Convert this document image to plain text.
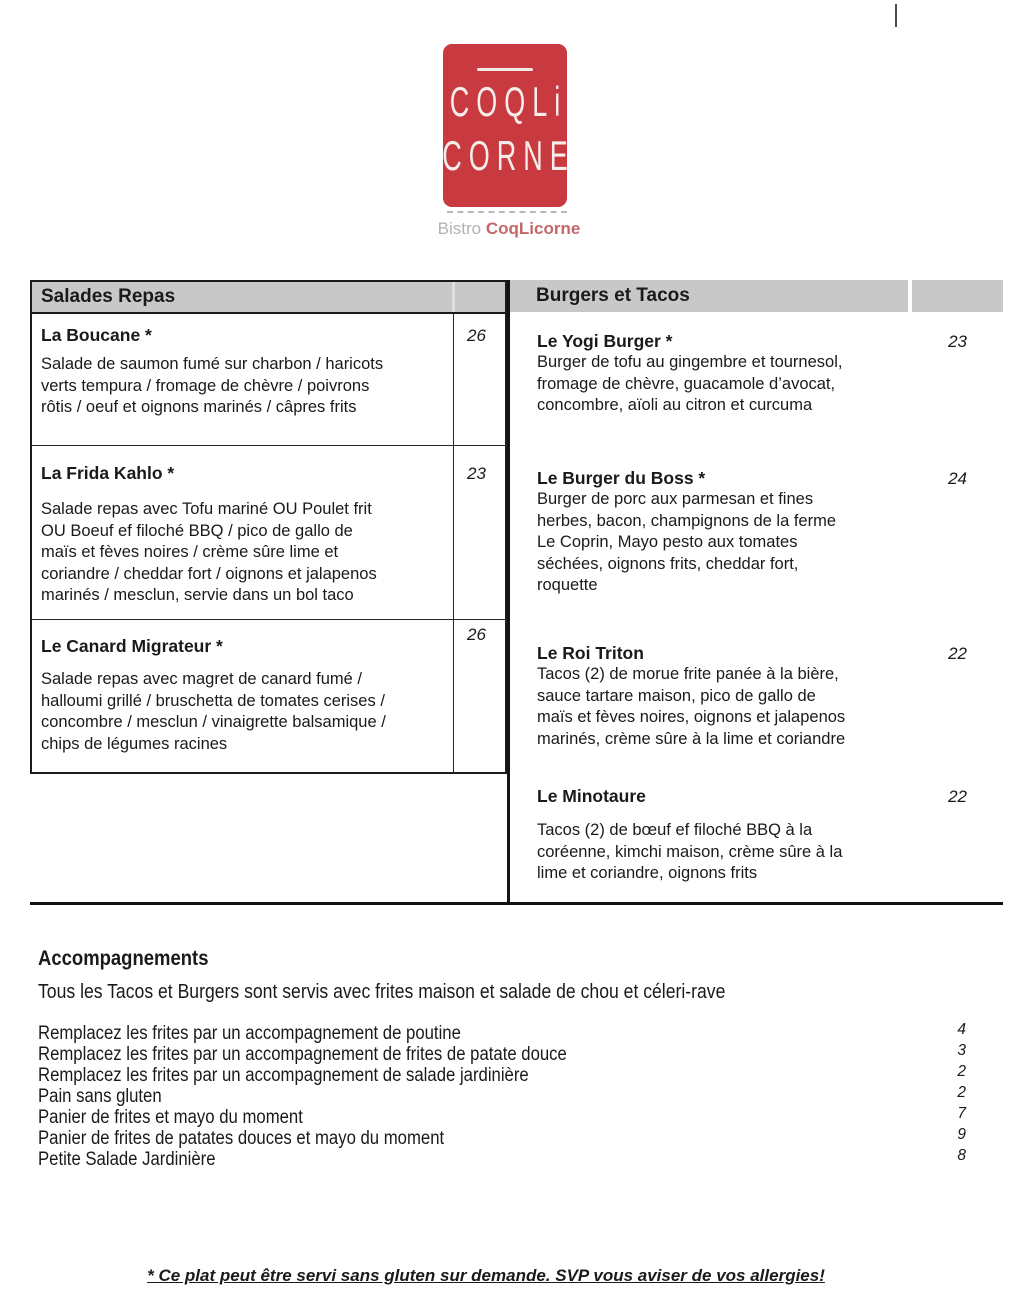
COQLi
CORNE
Bistro CoqLicorne
Salades Repas
La Boucane *
Salade de saumon fumé sur charbon / haricots
verts tempura / fromage de chèvre / poivrons
rôtis / oeuf et oignons marinés / câpres frits
26
La Frida Kahlo *
Salade repas avec Tofu mariné OU Poulet frit
OU Boeuf ef filoché BBQ / pico de gallo de
maïs et fèves noires / crème sûre lime et
coriandre / cheddar fort / oignons et jalapenos
marinés / mesclun, servie dans un bol taco
23
Le Canard Migrateur *
Salade repas avec magret de canard fumé /
halloumi grillé / bruschetta de tomates cerises /
concombre / mesclun / vinaigrette balsamique /
chips de légumes racines
26
Burgers et Tacos
Le Yogi Burger *	23
Burger de tofu au gingembre et tournesol,
fromage de chèvre, guacamole d’avocat,
concombre, aïoli au citron et curcuma
Le Burger du Boss *	24
Burger de porc aux parmesan et fines
herbes, bacon, champignons de la ferme
Le Coprin, Mayo pesto aux tomates
séchées, oignons frits, cheddar fort,
roquette
Le Roi Triton	22
Tacos (2) de morue frite panée à la bière,
sauce tartare maison, pico de gallo de
maïs et fèves noires, oignons et jalapenos
marinés, crème sûre à la lime et coriandre
Le Minotaure	22
Tacos (2) de bœuf ef filoché BBQ à la
coréenne, kimchi maison, crème sûre à la
lime et coriandre, oignons frits
Accompagnements
Tous les Tacos et Burgers sont servis avec frites maison et salade de chou et céleri-rave
Remplacez les frites par un accompagnement de poutine	4
Remplacez les frites par un accompagnement de frites de patate douce	3
Remplacez les frites par un accompagnement de salade jardinière	2
Pain sans gluten	2
Panier de frites et mayo du moment	7
Panier de frites de patates douces et mayo du moment	9
Petite Salade Jardinière	8
* Ce plat peut être servi sans gluten sur demande. SVP vous aviser de vos allergies!
